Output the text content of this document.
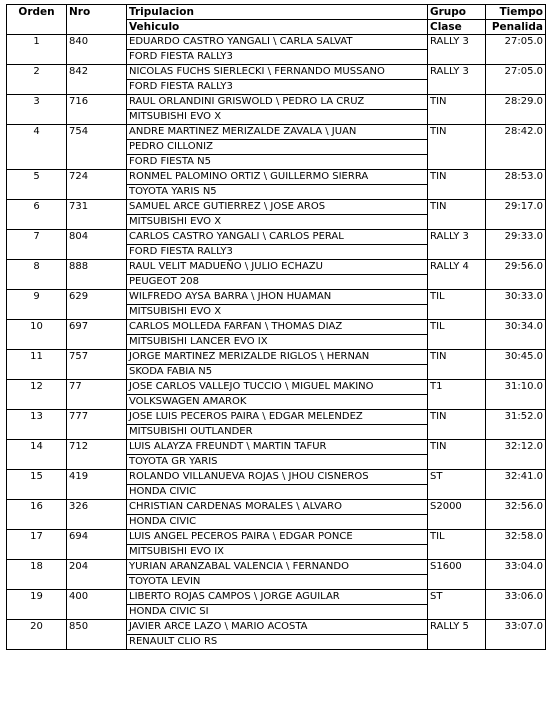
Orden	Nro	Tripulacion	Grupo	Tiempo
		Vehiculo	Clase	Penalida
1	840	EDUARDO CASTRO YANGALI \ CARLA SALVAT	RALLY 3	27:05.0
		FORD FIESTA RALLY3		
2	842	NICOLAS FUCHS SIERLECKI \ FERNANDO MUSSANO	RALLY 3	27:05.0
		FORD FIESTA RALLY3		
3	716	RAUL ORLANDINI GRISWOLD \ PEDRO LA CRUZ	TIN	28:29.0
		MITSUBISHI EVO X		
4	754	ANDRE MARTINEZ MERIZALDE ZAVALA \ JUAN	TIN	28:42.0
		PEDRO CILLONIZ		
		FORD FIESTA N5		
5	724	RONMEL PALOMINO ORTIZ \ GUILLERMO SIERRA	TIN	28:53.0
		TOYOTA YARIS N5		
6	731	SAMUEL ARCE GUTIERREZ \ JOSE AROS	TIN	29:17.0
		MITSUBISHI EVO X		
7	804	CARLOS CASTRO YANGALI \ CARLOS PERAL	RALLY 3	29:33.0
		FORD FIESTA RALLY3		
8	888	RAUL VELIT MADUEÑO \ JULIO ECHAZU	RALLY 4	29:56.0
		PEUGEOT 208		
9	629	WILFREDO AYSA BARRA \ JHON HUAMAN	TIL	30:33.0
		MITSUBISHI EVO X		
10	697	CARLOS MOLLEDA FARFAN \ THOMAS DIAZ	TIL	30:34.0
		MITSUBISHI LANCER EVO IX		
11	757	JORGE MARTINEZ MERIZALDE RIGLOS \ HERNAN	TIN	30:45.0
		SKODA FABIA N5		
12	77	JOSE CARLOS VALLEJO TUCCIO \ MIGUEL MAKINO	T1	31:10.0
		VOLKSWAGEN AMAROK		
13	777	JOSE LUIS PECEROS PAIRA \ EDGAR MELENDEZ	TIN	31:52.0
		MITSUBISHI OUTLANDER		
14	712	LUIS ALAYZA FREUNDT \ MARTIN TAFUR	TIN	32:12.0
		TOYOTA GR YARIS		
15	419	ROLANDO VILLANUEVA ROJAS \ JHOU CISNEROS	ST	32:41.0
		HONDA CIVIC		
16	326	CHRISTIAN CARDENAS MORALES \ ALVARO	S2000	32:56.0
		HONDA CIVIC		
17	694	LUIS ANGEL PECEROS PAIRA \ EDGAR PONCE	TIL	32:58.0
		MITSUBISHI EVO IX		
18	204	YURIAN ARANZABAL VALENCIA \ FERNANDO	S1600	33:04.0
		TOYOTA LEVIN		
19	400	LIBERTO ROJAS CAMPOS \ JORGE AGUILAR	ST	33:06.0
		HONDA CIVIC SI		
20	850	JAVIER ARCE LAZO \ MARIO ACOSTA	RALLY 5	33:07.0
		RENAULT CLIO RS		
